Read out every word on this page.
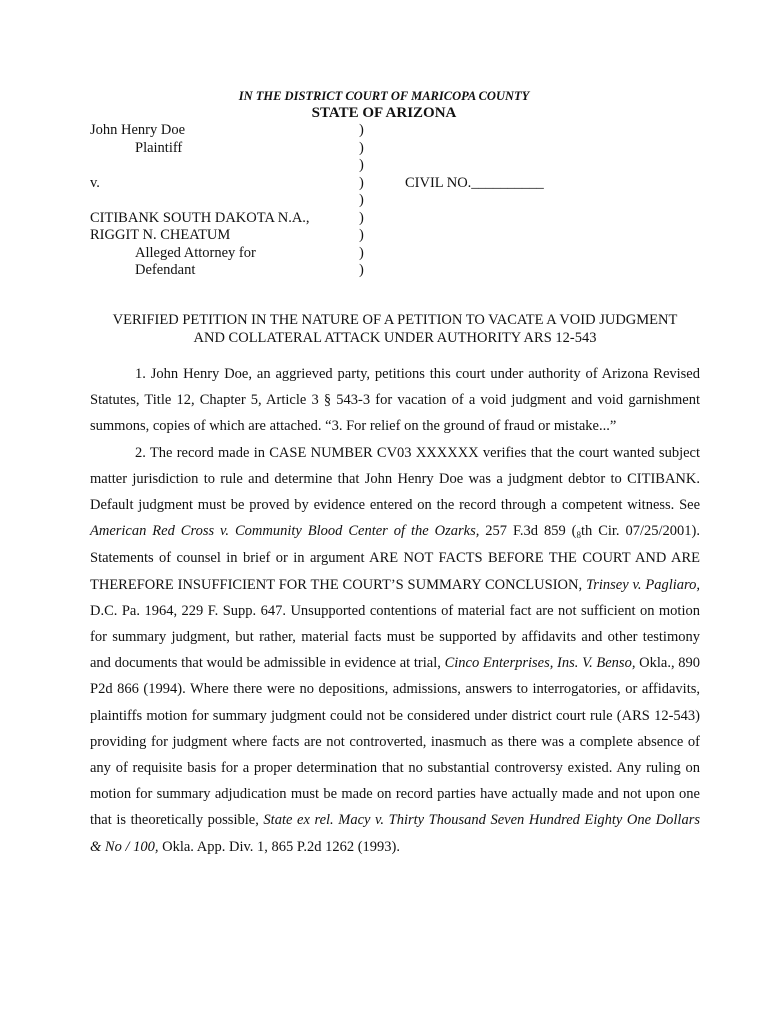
IN THE DISTRICT COURT OF MARICOPA COUNTY
STATE OF ARIZONA
John Henry Doe
Plaintiff
v.
CITIBANK SOUTH DAKOTA N.A.,
RIGGIT N. CHEATUM
Alleged Attorney for
Defendant
)
)
)
)
)
)
)
)
)
CIVIL NO.__________
VERIFIED PETITION IN THE NATURE OF A PETITION TO VACATE A VOID JUDGMENT
AND COLLATERAL ATTACK UNDER AUTHORITY ARS 12-543

1. John Henry Doe, an aggrieved party, petitions this court under authority of Arizona Revised Statutes, Title 12, Chapter 5, Article 3 § 543-3 for vacation of a void judgment and void garnishment summons, copies of which are attached. “3. For relief on the ground of fraud or mistake...”

2. The record made in CASE NUMBER CV03 XXXXXX verifies that the court wanted subject matter jurisdiction to rule and determine that John Henry Doe was a judgment debtor to CITIBANK. Default judgment must be proved by evidence entered on the record through a competent witness. See American Red Cross v. Community Blood Center of the Ozarks, 257 F.3d 859 ($_8th$ Cir. 07/25/2001). Statements of counsel in brief or in argument ARE NOT FACTS BEFORE THE COURT AND ARE THEREFORE INSUFFICIENT FOR THE COURT’S SUMMARY CONCLUSION, Trinsey v. Pagliaro, D.C. Pa. 1964, 229 F. Supp. 647. Unsupported contentions of material fact are not sufficient on motion for summary judgment, but rather, material facts must be supported by affidavits and other testimony and documents that would be admissible in evidence at trial, Cinco Enterprises, Ins. V. Benso, Okla., 890 P2d 866 (1994). Where there were no depositions, admissions, answers to interrogatories, or affidavits, plaintiffs motion for summary judgment could not be considered under district court rule (ARS 12-543) providing for judgment where facts are not controverted, inasmuch as there was a complete absence of any of requisite basis for a proper determination that no substantial controversy existed. Any ruling on motion for summary adjudication must be made on record parties have actually made and not upon one that is theoretically possible, State ex rel. Macy v. Thirty Thousand Seven Hundred Eighty One Dollars & No / 100, Okla. App. Div. 1, 865 P.2d 1262 (1993).
